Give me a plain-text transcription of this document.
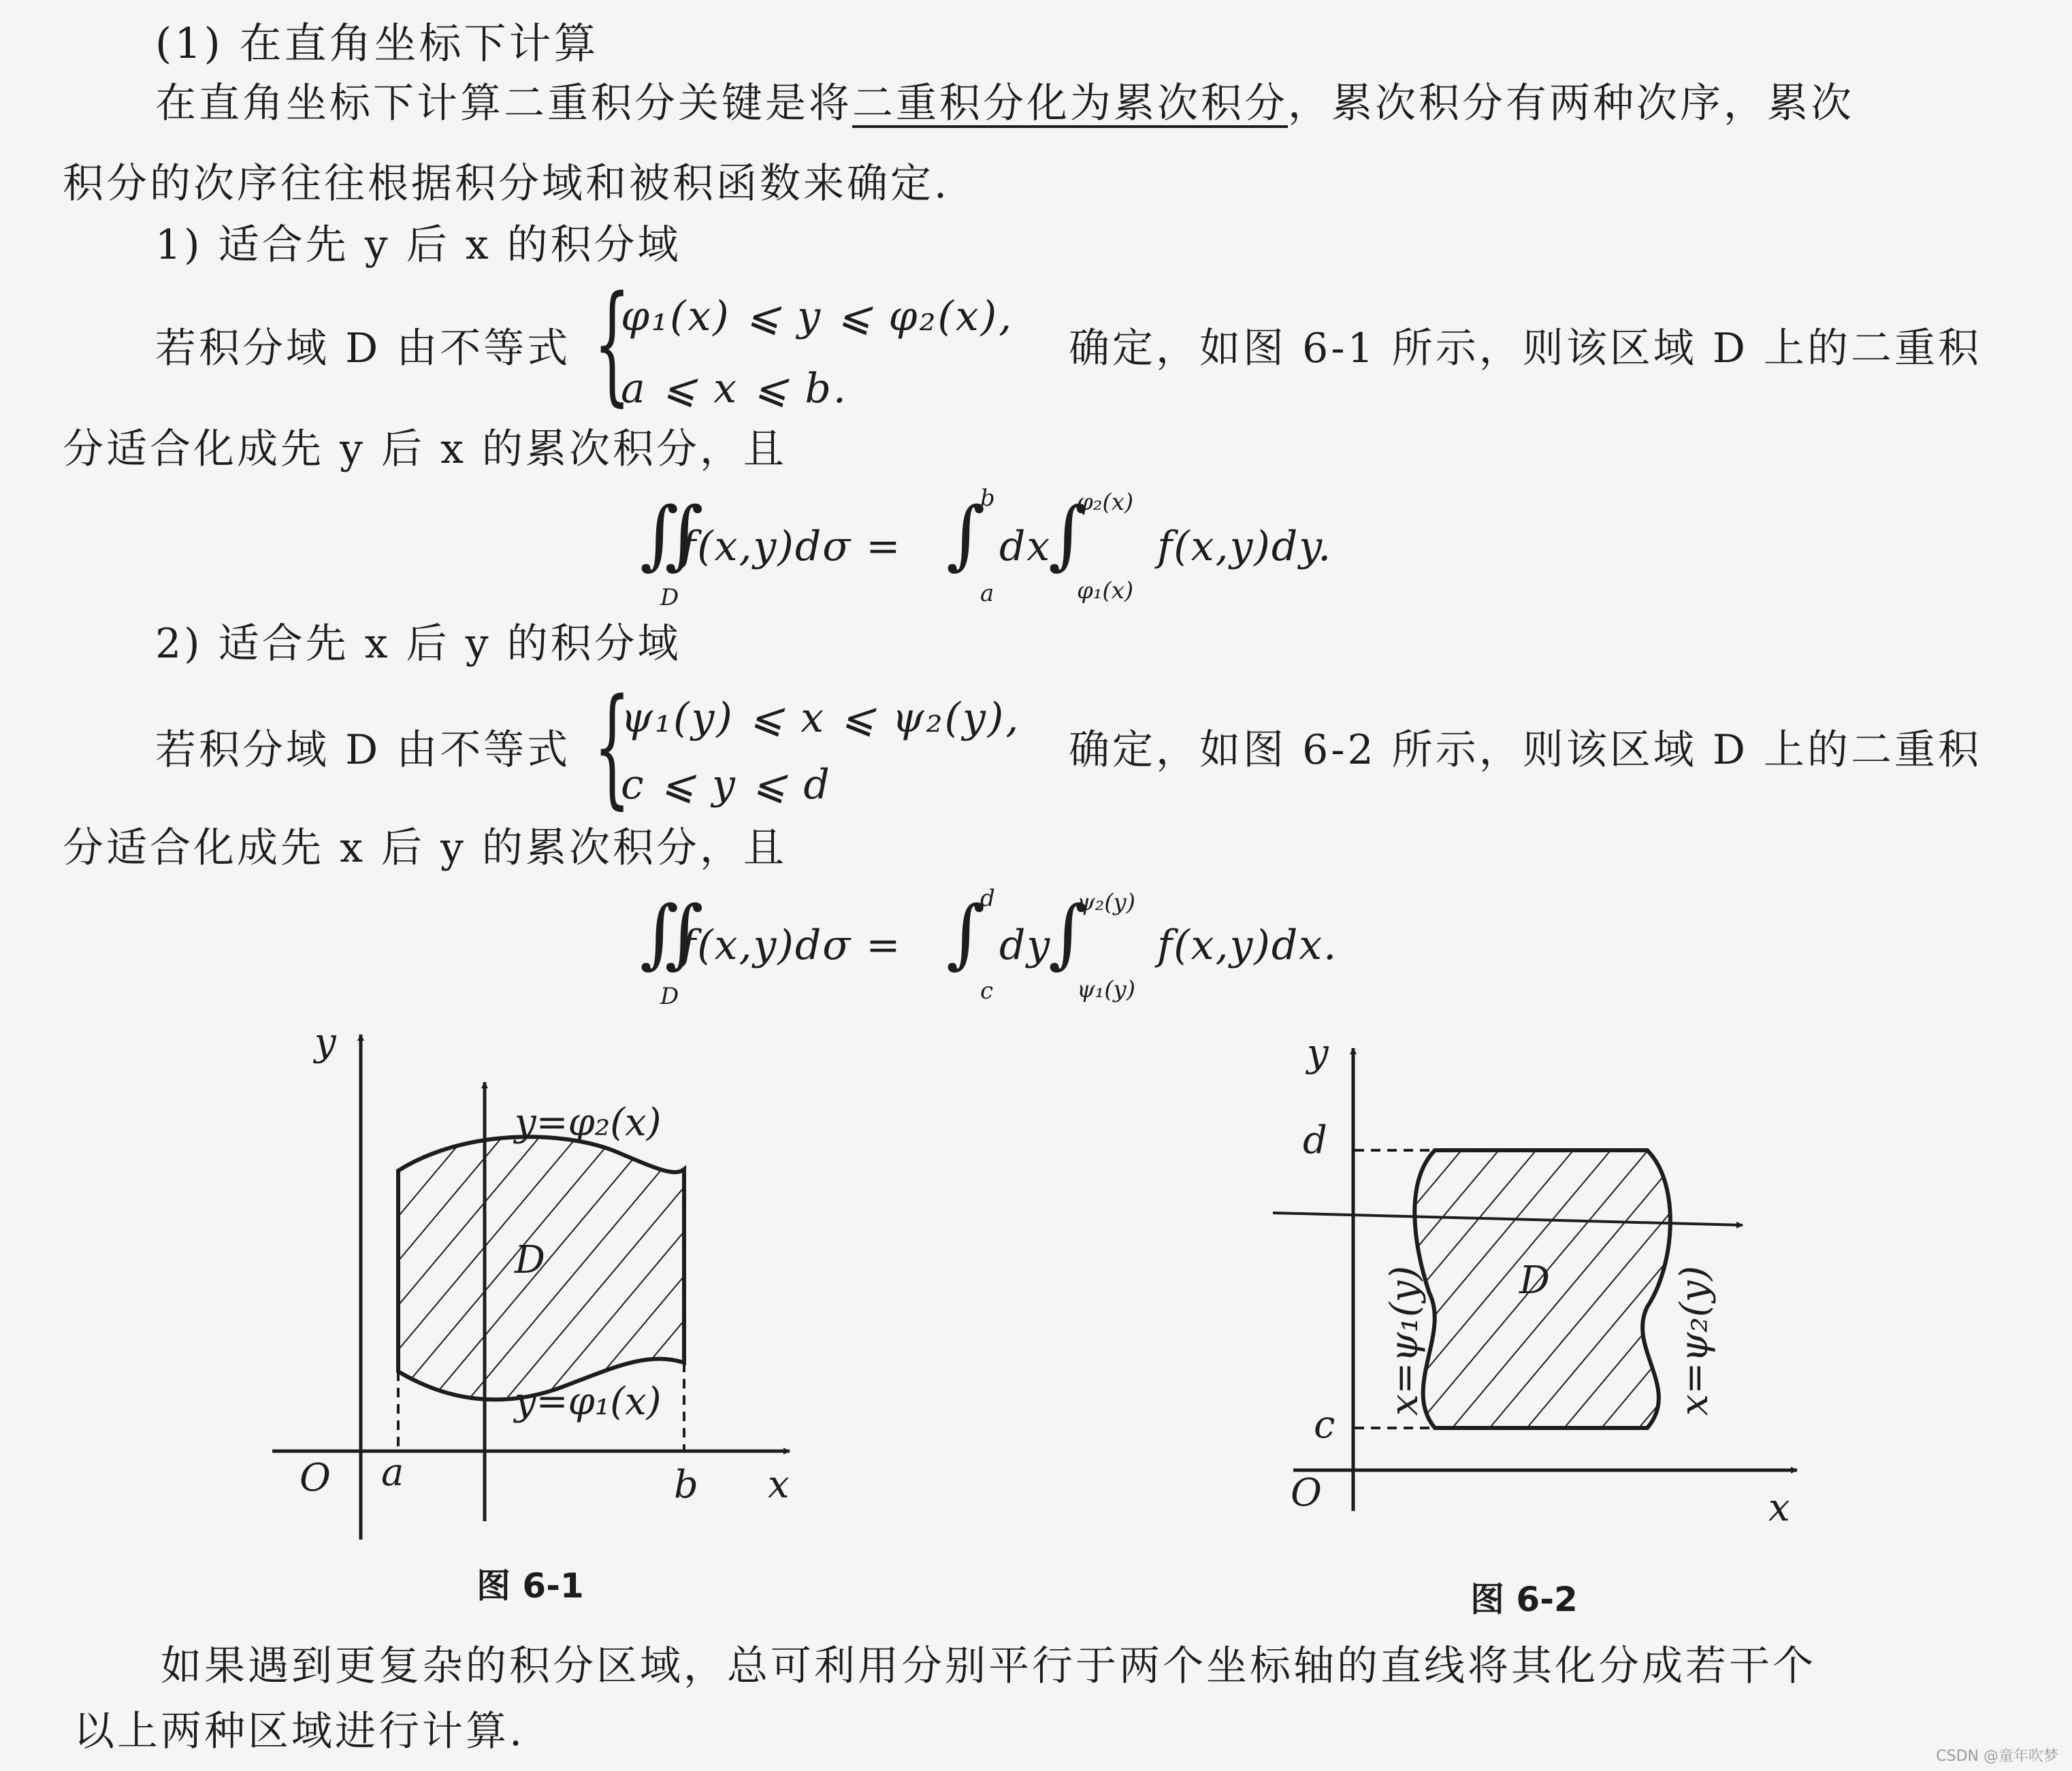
(1) 在直角坐标下计算
在直角坐标下计算二重积分关键是将二重积分化为累次积分，累次积分有两种次序，累次
积分的次序往往根据积分域和被积函数来确定.
1) 适合先 y 后 x 的积分域
若积分域 D 由不等式 {
φ₁(x) ⩽ y ⩽ φ₂(x),
a ⩽ x ⩽ b.
确定，如图 6-1 所示，则该区域 D 上的二重积
分适合化成先 y 后 x 的累次积分，且
∬
D
f(x,y)dσ = ∫
b
a
dx
∫
φ₂(x)
φ₁(x)
f(x,y)dy.
2) 适合先 x 后 y 的积分域
若积分域 D 由不等式 {
ψ₁(y) ⩽ x ⩽ ψ₂(y),
c ⩽ y ⩽ d
确定，如图 6-2 所示，则该区域 D 上的二重积
分适合化成先 x 后 y 的累次积分，且
∬
D
f(x,y)dσ = ∫
d
c
dy
∫
ψ₂(y)
ψ₁(y)
f(x,y)dx.
y
x
O a	b
D
y=φ₂(x)
y=φ₁(x)
y
x
O
c
d
D
x=ψ₁(y)	x=ψ₂(y)
图 6-1	图 6-2
如果遇到更复杂的积分区域，总可利用分别平行于两个坐标轴的直线将其化分成若干个
以上两种区域进行计算.
CSDN @童年吹梦
